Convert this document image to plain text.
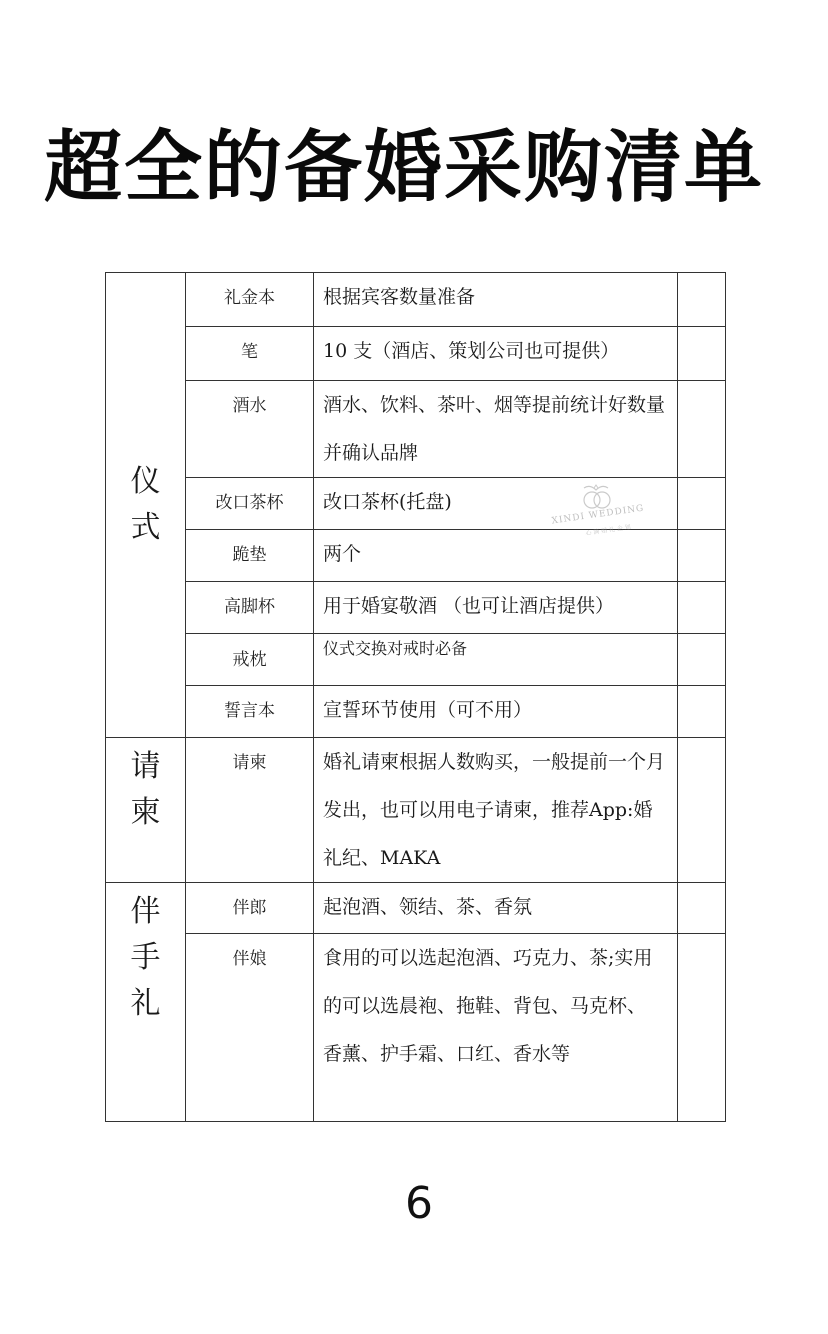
超全的备婚采购清单
仪式	礼金本	根据宾客数量准备	
	笔	10 支（酒店、策划公司也可提供）	
	酒水	酒水、饮料、茶叶、烟等提前统计好数量并确认品牌	
	改口茶杯	改口茶杯(托盘)	
	跪垫	两个	
	高脚杯	用于婚宴敬酒 （也可让酒店提供）	
	戒枕	仪式交换对戒时必备	
	誓言本	宣誓环节使用（可不用）	
请柬	请柬	婚礼请柬根据人数购买，一般提前一个月发出，也可以用电子请柬，推荐App:婚礼纪、MAKA	
伴手礼	伴郎	起泡酒、领结、茶、香氛	
	伴娘	食用的可以选起泡酒、巧克力、茶;实用的可以选晨袍、拖鞋、背包、马克杯、 香薰、护手霜、口红、香水等	
XINDI WEDDING
心 滴 婚 礼 企 划
6
